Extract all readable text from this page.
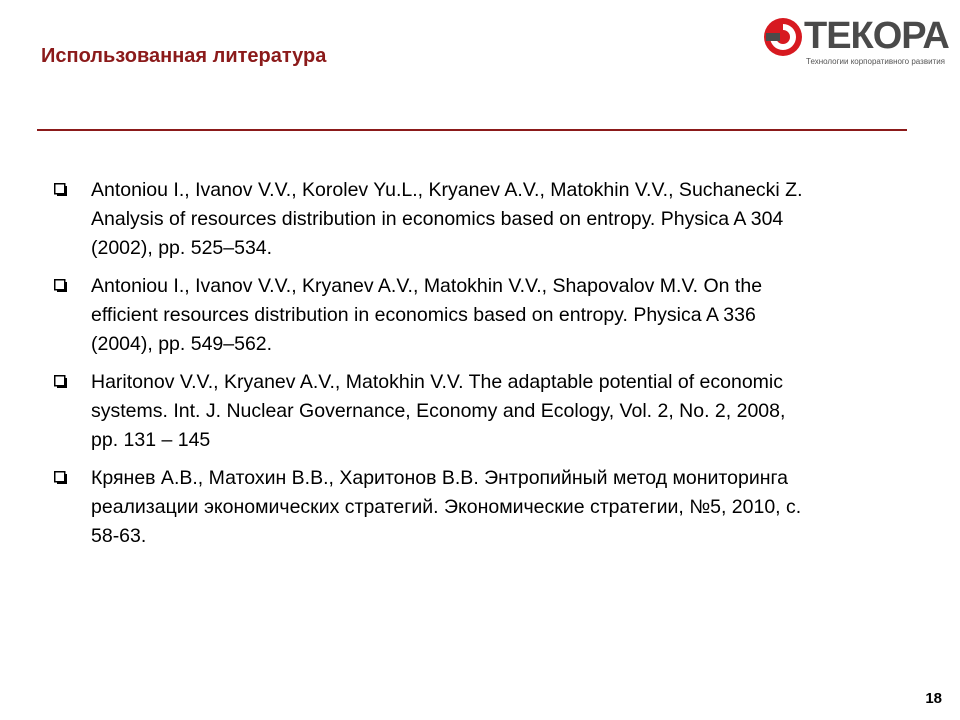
Использованная литература	ТЕКОРА
Технологии корпоративного развития
Antoniou I., Ivanov V.V., Korolev Yu.L., Kryanev A.V., Matokhin V.V., Suchanecki Z. Analysis of resources distribution in economics based on entropy. Physica A 304 (2002), pp. 525–534.
Antoniou I., Ivanov V.V., Kryanev A.V., Matokhin V.V., Shapovalov M.V. On the efficient resources distribution in economics based on entropy. Physica A 336 (2004), pp. 549–562.
Haritonov V.V., Kryanev A.V., Matokhin V.V. The adaptable potential of economic systems. Int. J. Nuclear Governance, Economy and Ecology, Vol. 2, No. 2, 2008, pp. 131 – 145
Крянев А.В., Матохин В.В., Харитонов В.В. Энтропийный метод мониторинга реализации экономических стратегий. Экономические стратегии, №5, 2010, с. 58-63.
18
